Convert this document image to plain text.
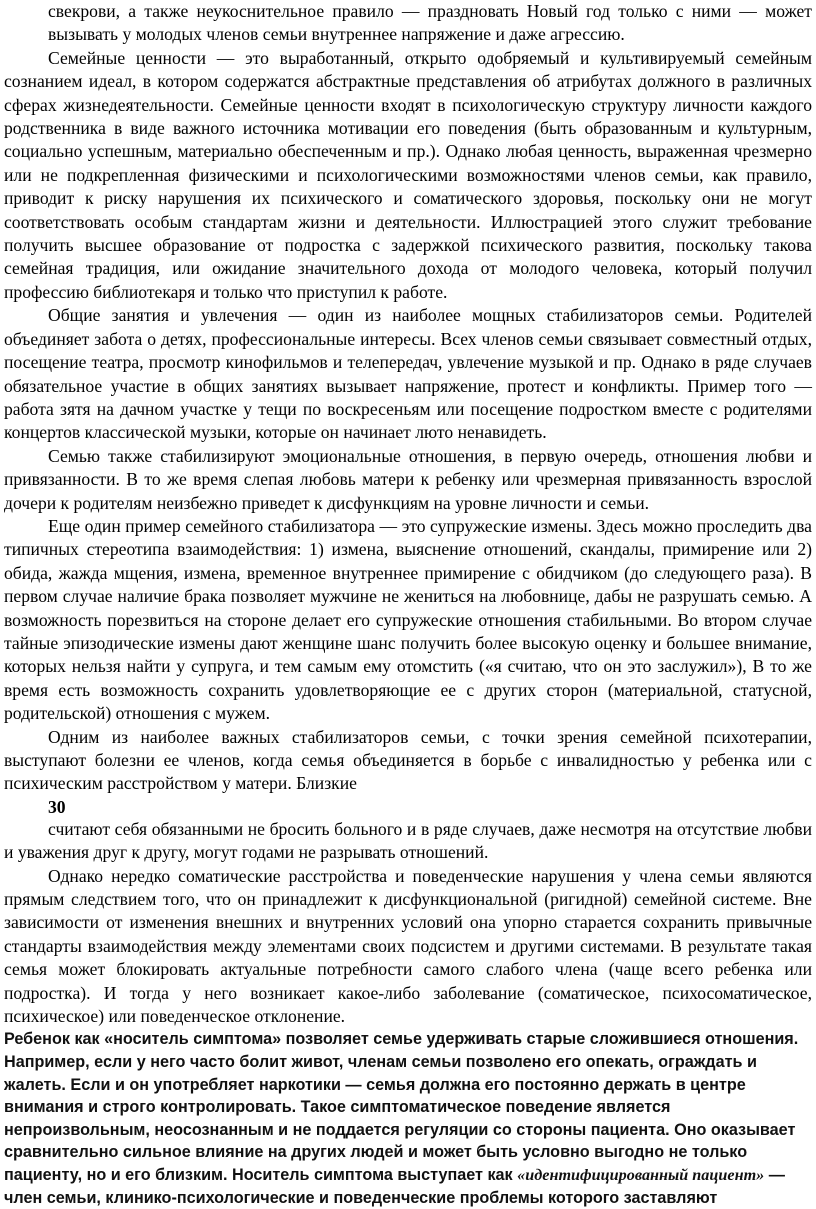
свекрови, а также неукоснительное правило — праздновать Новый год только с ними — может вызывать у молодых членов семьи внутреннее напряжение и даже агрессию.

Семейные ценности — это выработанный, открыто одобряемый и культивируемый семейным сознанием идеал, в котором содержатся абстрактные представления об атрибутах должного в различных сферах жизнедеятельности. Семейные ценности входят в психологическую структуру личности каждого родственника в виде важного источника мотивации его поведения (быть образованным и культурным, социально успешным, материально обеспеченным и пр.). Однако любая ценность, выраженная чрезмерно или не подкрепленная физическими и психологическими возможностями членов семьи, как правило, приводит к риску нарушения их психического и соматического здоровья, поскольку они не могут соответствовать особым стандартам жизни и деятельности. Иллюстрацией этого служит требование получить высшее образование от подростка с задержкой психического развития, поскольку такова семейная традиция, или ожидание значительного дохода от молодого человека, который получил профессию библиотекаря и только что приступил к работе.

Общие занятия и увлечения — один из наиболее мощных стабилизаторов семьи. Родителей объединяет забота о детях, профессиональные интересы. Всех членов семьи связывает совместный отдых, посещение театра, просмотр кинофильмов и телепередач, увлечение музыкой и пр. Однако в ряде случаев обязательное участие в общих занятиях вызывает напряжение, протест и конфликты. Пример того — работа зятя на дачном участке у тещи по воскресеньям или посещение подростком вместе с родителями концертов классической музыки, которые он начинает люто ненавидеть.

Семью также стабилизируют эмоциональные отношения, в первую очередь, отношения любви и привязанности. В то же время слепая любовь матери к ребенку или чрезмерная привязанность взрослой дочери к родителям неизбежно приведет к дисфункциям на уровне личности и семьи.

Еще один пример семейного стабилизатора — это супружеские измены. Здесь можно проследить два типичных стереотипа взаимодействия: 1) измена, выяснение отношений, скандалы, примирение или 2) обида, жажда мщения, измена, временное внутреннее примирение с обидчиком (до следующего раза). В первом случае наличие брака позволяет мужчине не жениться на любовнице, дабы не разрушать семью. А возможность порезвиться на стороне делает его супружеские отношения стабильными. Во втором случае тайные эпизодические измены дают женщине шанс получить более высокую оценку и большее внимание, которых нельзя найти у супруга, и тем самым ему отомстить («я считаю, что он это заслужил»), В то же время есть возможность сохранить удовлетворяющие ее с других сторон (материальной, статусной, родительской) отношения с мужем.

Одним из наиболее важных стабилизаторов семьи, с точки зрения семейной психотерапии, выступают болезни ее членов, когда семья объединяется в борьбе с инвалидностью у ребенка или с психическим расстройством у матери. Близкие

30

считают себя обязанными не бросить больного и в ряде случаев, даже несмотря на отсутствие любви и уважения друг к другу, могут годами не разрывать отношений.

Однако нередко соматические расстройства и поведенческие нарушения у члена семьи являются прямым следствием того, что он принадлежит к дисфункциональной (ригидной) семейной системе. Вне зависимости от изменения внешних и внутренних условий она упорно старается сохранить привычные стандарты взаимодействия между элементами своих подсистем и другими системами. В результате такая семья может блокировать актуальные потребности самого слабого члена (чаще всего ребенка или подростка). И тогда у него возникает какое-либо заболевание (соматическое, психосоматическое, психическое) или поведенческое отклонение.

Ребенок как «носитель симптома» позволяет семье удерживать старые сложившиеся отношения. Например, если у него часто болит живот, членам семьи позволено его опекать, ограждать и жалеть. Если и он употребляет наркотики — семья должна его постоянно держать в центре внимания и строго контролировать. Такое симптоматическое поведение является непроизвольным, неосознанным и не поддается регуляции со стороны пациента. Оно оказывает сравнительно сильное влияние на других людей и может быть условно выгодно не только пациенту, но и его близким. Носитель симптома выступает как «идентифицированный пациент» — член семьи, клинико-психологические и поведенческие проблемы которого заставляют
